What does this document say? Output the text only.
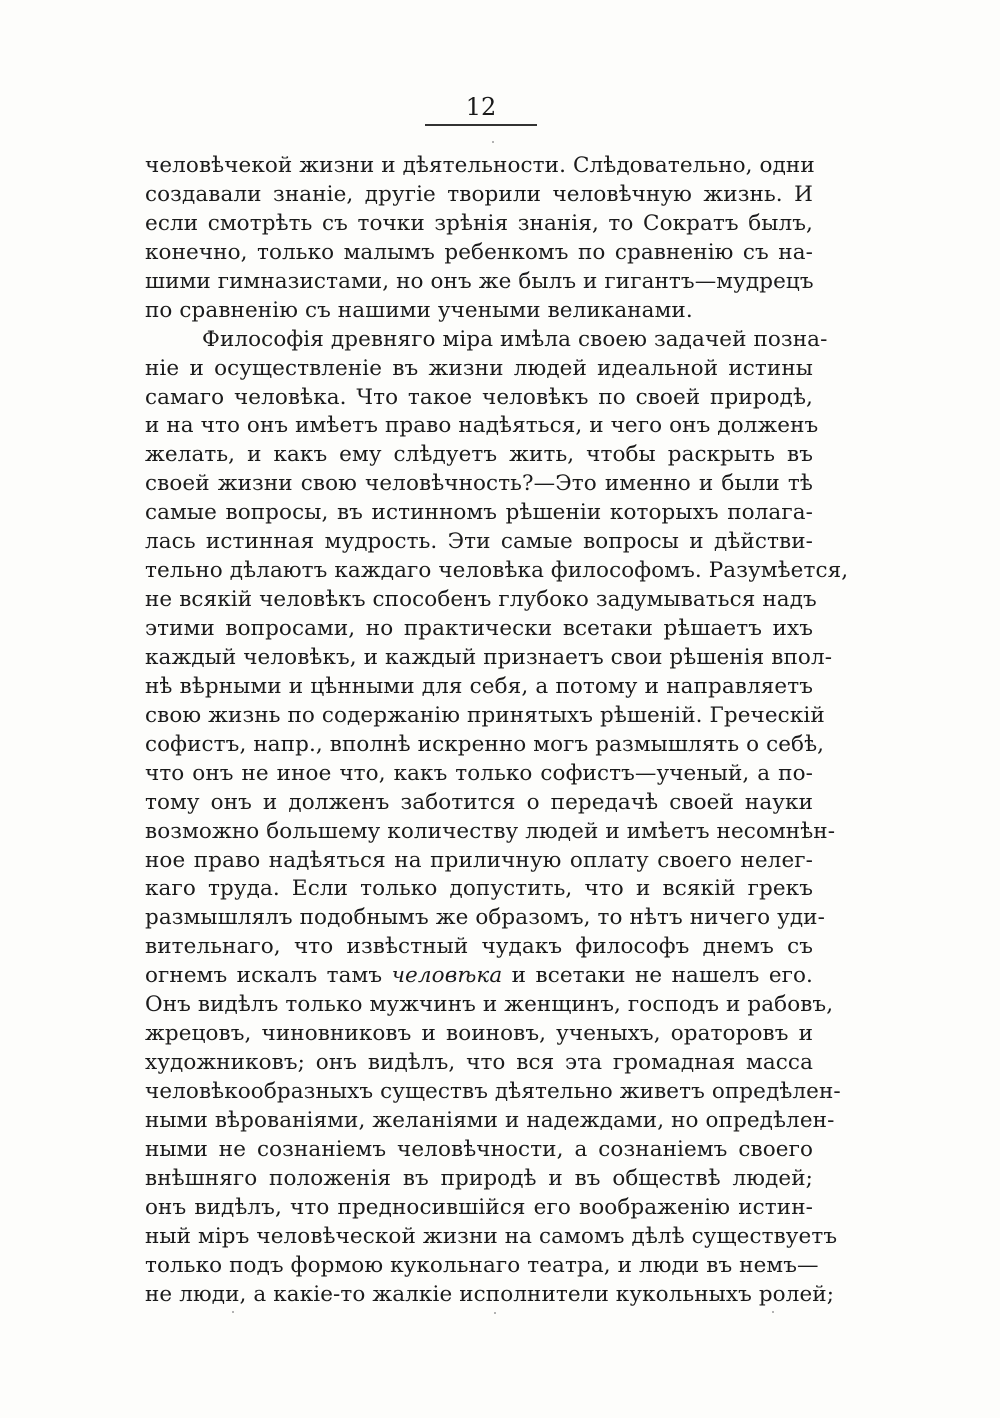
12
человѣчекой жизни и дѣятельности. Слѣдовательно, одни
создавали знаніе, другіе творили человѣчную жизнь. И
если смотрѣть съ точки зрѣнія знанія, то Сократъ былъ,
конечно, только малымъ ребенкомъ по сравненію съ на-
шими гимназистами, но онъ же былъ и гигантъ—мудрецъ
по сравненію съ нашими учеными великанами.
Философія древняго міра имѣла своею задачей позна-
ніе и осуществленіе въ жизни людей идеальной истины
самаго человѣка. Что такое человѣкъ по своей природѣ,
и на что онъ имѣетъ право надѣяться, и чего онъ долженъ
желать, и какъ ему слѣдуетъ жить, чтобы раскрыть въ
своей жизни свою человѣчность?—Это именно и были тѣ
самые вопросы, въ истинномъ рѣшеніи которыхъ полага-
лась истинная мудрость. Эти самые вопросы и дѣйстви-
тельно дѣлаютъ каждаго человѣка философомъ. Разумѣется,
не всякій человѣкъ способенъ глубоко задумываться надъ
этими вопросами, но практически всетаки рѣшаетъ ихъ
каждый человѣкъ, и каждый признаетъ свои рѣшенія впол-
нѣ вѣрными и цѣнными для себя, а потому и направляетъ
свою жизнь по содержанію принятыхъ рѣшеній. Греческій
софистъ, напр., вполнѣ искренно могъ размышлять о себѣ,
что онъ не иное что, какъ только софистъ—ученый, а по-
тому онъ и долженъ заботится о передачѣ своей науки
возможно большему количеству людей и имѣетъ несомнѣн-
ное право надѣяться на приличную оплату своего нелег-
каго труда. Если только допустить, что и всякій грекъ
размышлялъ подобнымъ же образомъ, то нѣтъ ничего уди-
вительнаго, что извѣстный чудакъ философъ днемъ съ
огнемъ искалъ тамъ человѣка и всетаки не нашелъ его.
Онъ видѣлъ только мужчинъ и женщинъ, господъ и рабовъ,
жрецовъ, чиновниковъ и воиновъ, ученыхъ, ораторовъ и
художниковъ; онъ видѣлъ, что вся эта громадная масса
человѣкообразныхъ существъ дѣятельно живетъ опредѣлен-
ными вѣрованіями, желаніями и надеждами, но опредѣлен-
ными не сознаніемъ человѣчности, а сознаніемъ своего
внѣшняго положенія въ природѣ и въ обществѣ людей;
онъ видѣлъ, что предносившійся его воображенію истин-
ный міръ человѣческой жизни на самомъ дѣлѣ существуетъ
только подъ формою кукольнаго театра, и люди въ немъ—
не люди, а какіе-то жалкіе исполнители кукольныхъ ролей;
